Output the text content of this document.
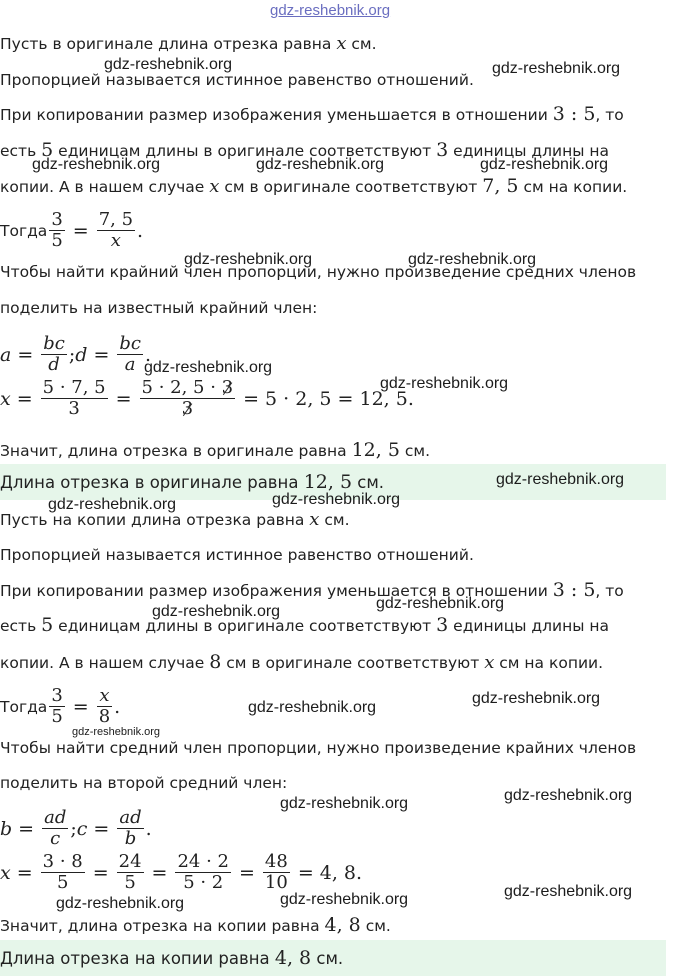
gdz-reshebnik.org
Пусть в оригинале длина отрезка равна x см.
Пропорцией называется истинное равенство отношений.
При копировании размер изображения уменьшается в отношении 3 : 5, то
есть 5 единицам длины в оригинале соответствуют 3 единицы длины на
копии. А в нашем случае x см в оригинале соответствуют 7, 5 см на копии.
Тогда $\frac{3}{5} = \frac{7, 5}{x}$ .
Чтобы найти крайний член пропорции, нужно произведение средних членов
поделить на известный крайний член:
$a = \frac{bc}{d}$ ; $d = \frac{bc}{a}$ .
$x = \frac{5 \cdot 7, 5}{3} = \frac{5 \cdot 2, 5 \cdot 3}{3} = 5 \cdot 2$, 5 = 12, 5.
Значит, длина отрезка в оригинале равна 12, 5 см.
Длина отрезка в оригинале равна 12, 5 см.
Пусть на копии длина отрезка равна x см.
Пропорцией называется истинное равенство отношений.
При копировании размер изображения уменьшается в отношении 3 : 5, то
есть 5 единицам длины в оригинале соответствуют 3 единицы длины на
копии. А в нашем случае 8 см в оригинале соответствуют x см на копии.
Тогда $\frac{3}{5} = \frac{x}{8}$ .
Чтобы найти средний член пропорции, нужно произведение крайних членов
поделить на второй средний член:
$b = \frac{ad}{c}$ ; $c = \frac{ad}{b}$ .
$x = \frac{3 \cdot 8}{5} = \frac{24}{5} = \frac{24 \cdot 2}{5 \cdot 2} = \frac{48}{10} = 4$, 8.
Значит, длина отрезка на копии равна 4, 8 см.
Длина отрезка на копии равна 4, 8 см.
gdz-reshebnik.org	gdz-reshebnik.org
gdz-reshebnik.org	gdz-reshebnik.org	gdz-reshebnik.org
gdz-reshebnik.org	gdz-reshebnik.org
gdz-reshebnik.org
gdz-reshebnik.org
gdz-reshebnik.org
gdz-reshebnik.org
gdz-reshebnik.org
gdz-reshebnik.org
gdz-reshebnik.org
gdz-reshebnik.org
gdz-reshebnik.org
gdz-reshebnik.org
gdz-reshebnik.org
gdz-reshebnik.org
gdz-reshebnik.org
gdz-reshebnik.org
gdz-reshebnik.org
